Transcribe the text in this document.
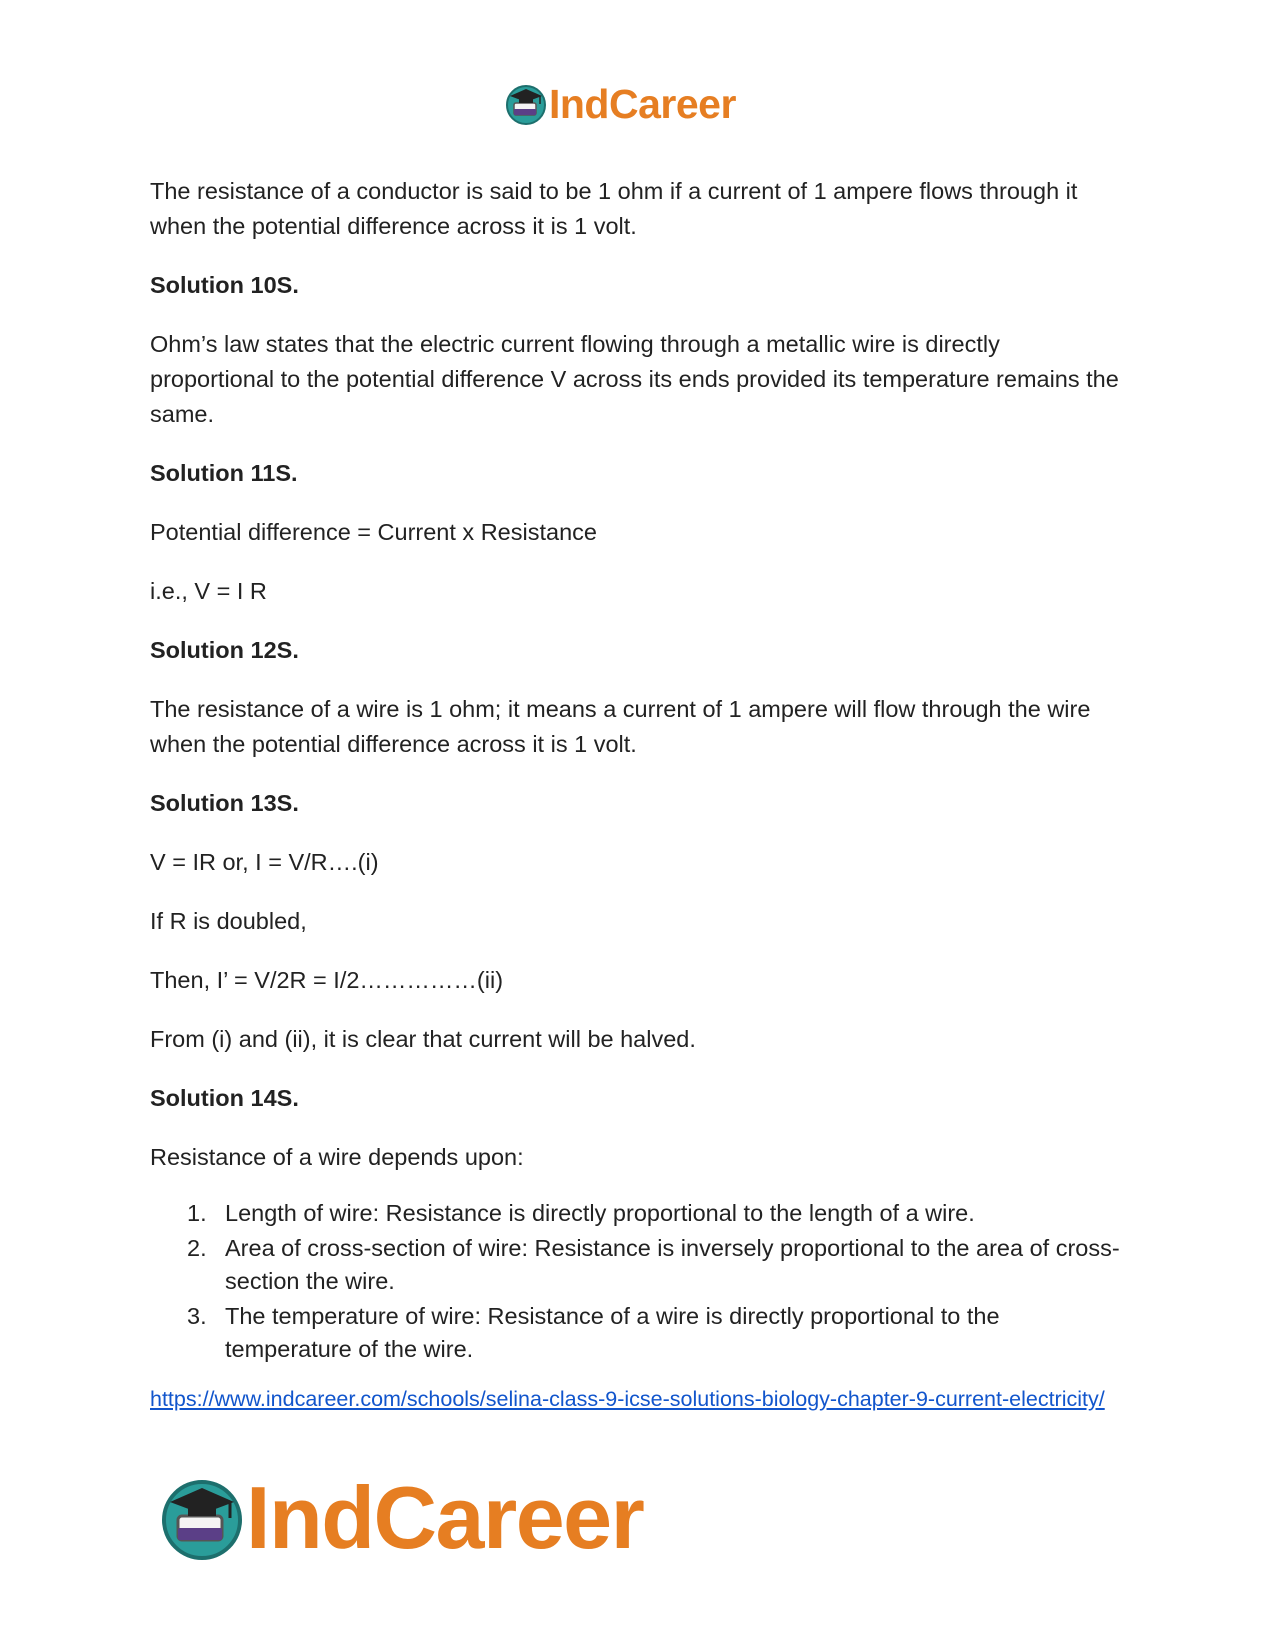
IndCareer

The resistance of a conductor is said to be 1 ohm if a current of 1 ampere flows through it when the potential difference across it is 1 volt.

Solution 10S.

Ohm’s law states that the electric current flowing through a metallic wire is directly proportional to the potential difference V across its ends provided its temperature remains the same.

Solution 11S.

Potential difference = Current x Resistance

i.e., V = I R

Solution 12S.

The resistance of a wire is 1 ohm; it means a current of 1 ampere will flow through the wire when the potential difference across it is 1 volt.

Solution 13S.

V = IR or, I = V/R….(i)

If R is doubled,

Then, I’ = V/2R = I/2……………(ii)

From (i) and (ii), it is clear that current will be halved.

Solution 14S.

Resistance of a wire depends upon:

1. Length of wire: Resistance is directly proportional to the length of a wire.
2. Area of cross-section of wire: Resistance is inversely proportional to the area of cross-section the wire.
3. The temperature of wire: Resistance of a wire is directly proportional to the temperature of the wire.
https://www.indcareer.com/schools/selina-class-9-icse-solutions-biology-chapter-9-current-electricity/
IndCareer
